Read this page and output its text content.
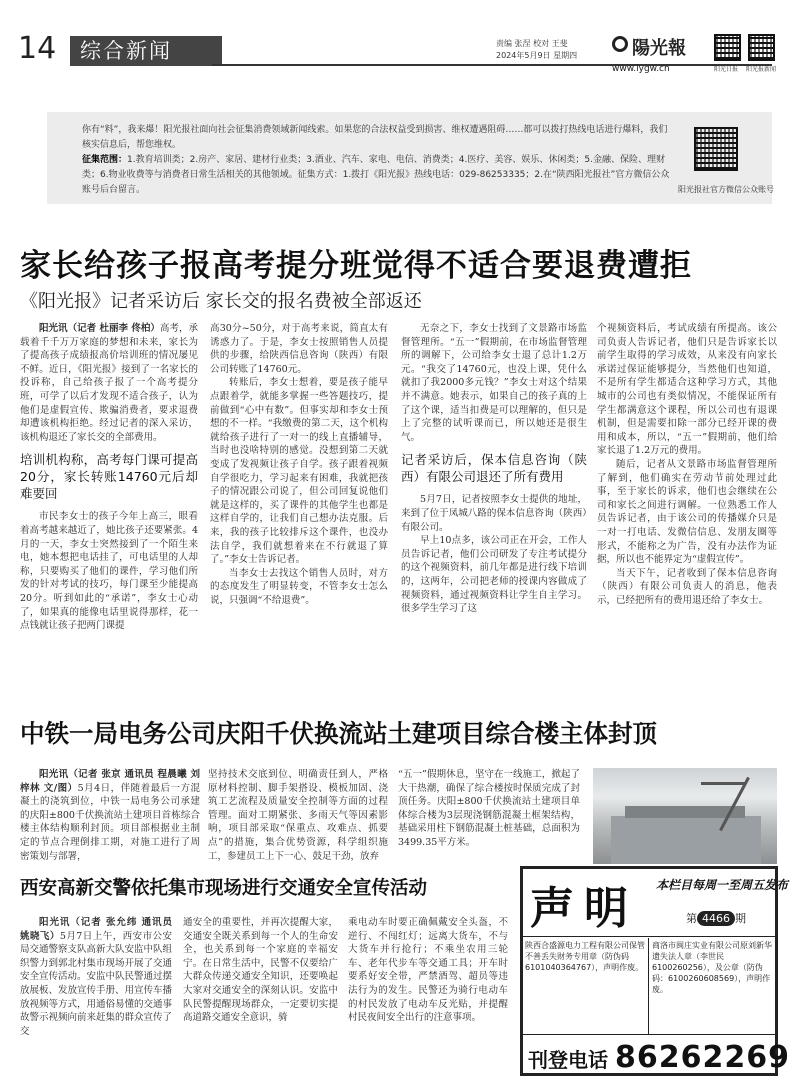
14	综合新闻	责编 张涅 校对 王斐
2024年5月9日 星期四	陽光報
www.iygw.cn	阳光日报 阳光报新闻
你有“料”，我来爆！阳光报社面向社会征集消费领域新闻线索。如果您的合法权益受到损害、维权遭遇阻碍……都可以拨打热线电话进行爆料，我们核实信息后，帮您维权。
征集范围：1.教育培训类；2.房产、家居、建材行业类；3.酒业、汽车、家电、电信、消费类；4.医疗、美容、娱乐、休闲类；5.金融、保险、理财类；6.物业收费等与消费者日常生活相关的其他领域。征集方式：1.拨打《阳光报》热线电话：029-86253335；2.在“陕西阳光报社”官方微信公众账号后台留言。	阳光报社官方微信公众账号
家长给孩子报高考提分班觉得不适合要退费遭拒
《阳光报》记者采访后 家长交的报名费被全部返还

阳光讯（记者 杜丽李 佟柏）高考，承载着千千万万家庭的梦想和未来，家长为了提高孩子成绩报高价培训班的情况屡见不鲜。近日，《阳光报》接到了一名家长的投诉称，自己给孩子报了一个高考提分班，可学了以后才发现不适合孩子，认为他们是虚假宣传、欺骗消费者，要求退费却遭该机构拒绝。经过记者的深入采访，该机构退还了家长交的全部费用。

培训机构称，高考每门课可提高20分，家长转账14760元后却难要回

市民李女士的孩子今年上高三，眼看着高考越来越近了，她比孩子还要紧张。4月的一天，李女士突然接到了一个陌生来电，她本想把电话挂了，可电话里的人却称，只要购买了他们的课件，学习他们所发的针对考试的技巧，每门课至少能提高20分。听到如此的“承诺”，李女士心动了，如果真的能像电话里说得那样，花一点钱就让孩子把两门课提

高30分~50分，对于高考来说，简直太有诱惑力了。于是，李女士按照销售人员提供的步骤，给陕西信息咨询（陕西）有限公司转账了14760元。

转账后，李女士想着，要是孩子能早点跟着学，就能多掌握一些答题技巧，提前做到“心中有数”。但事实却和李女士预想的不一样。“我缴费的第二天，这个机构就给孩子进行了一对一的线上直播辅导，当时也没啥特别的感觉。没想到第二天就变成了发视频让孩子自学。孩子跟着视频自学很吃力，学习起来有困难，我就把孩子的情况跟公司说了，但公司回复说他们就是这样的，买了课件的其他学生也都是这样自学的，让我们自己想办法克服。后来，我的孩子比较排斥这个课件，也没办法自学，我们就想着来在不行就退了算了。”李女士告诉记者。

当李女士去找这个销售人员时，对方的态度发生了明显转变，不管李女士怎么说，只强调“不给退费”。

无奈之下，李女士找到了文景路市场监督管理所。“五一”假期前，在市场监督管理所的调解下，公司给李女士退了总计1.2万元。“我交了14760元，也没上课，凭什么就扣了我2000多元钱？”李女士对这个结果并不满意。她表示，如果自己的孩子真的上了这个课，适当扣费是可以理解的，但只是上了完整的试听课而已，所以她还是很生气。

记者采访后，保本信息咨询（陕西）有限公司退还了所有费用

5月7日，记者按照李女士提供的地址，来到了位于凤城八路的保本信息咨询（陕西）有限公司。

早上10点多，该公司正在开会，工作人员告诉记者，他们公司研发了专注考试提分的这个视频资料，前几年都是进行线下培训的，这两年，公司把老师的授课内容做成了视频资料，通过视频资料让学生自主学习。很多学生学习了这

个视频资料后，考试成绩有所提高。该公司负责人告诉记者，他们只是告诉家长以前学生取得的学习成效，从来没有向家长承诺过保证能够提分，当然他们也知道，不是所有学生都适合这种学习方式，其他城市的公司也有类似情况，不能保证所有学生都满意这个课程，所以公司也有退课机制，但是需要扣除一部分已经开课的费用和成本，所以，“五一”假期前，他们给家长退了1.2万元的费用。

随后，记者从文景路市场监督管理所了解到，他们确实在劳动节前处理过此事，至于家长的诉求，他们也会继续在公司和家长之间进行调解。一位熟悉工作人员告诉记者，由于该公司的传播媒介只是一对一打电话、发微信信息、发朋友圈等形式，不能称之为广告，没有办法作为证据，所以也不能界定为“虚假宣传”。

当天下午，记者收到了保本信息咨询（陕西）有限公司负责人的消息，他表示，已经把所有的费用退还给了李女士。

中铁一局电务公司庆阳千伏换流站土建项目综合楼主体封顶

阳光讯（记者 张京 通讯员 程晨曦 刘梓林 文/图）5月4日，伴随着最后一方混凝土的浇筑到位，中铁一局电务公司承建的庆阳±800千伏换流站土建项目首栋综合楼主体结构顺利封顶。项目部根据业主制定的节点合理倒排工期，对施工进行了周密策划与部署，

坚持技术交底到位、明确责任到人，严格原材料控制、脚手架搭设、模板加固、浇筑工艺流程及质量安全控制等方面的过程管理。面对工期紧张、多雨天气等因素影响，项目部采取“保重点、攻难点、抓要点”的措施，集合优势资源，科学组织施工，参建员工上下一心、鼓足干劲，放弃

“五一”假期休息，坚守在一线施工，掀起了大干热潮，确保了综合楼按时保质完成了封顶任务。庆阳±800千伏换流站土建项目单体综合楼为3层现浇钢筋混凝土框架结构，基础采用柱下钢筋混凝土桩基础，总面积为3499.35平方米。

西安高新交警依托集市现场进行交通安全宣传活动

阳光讯（记者 张允纬 通讯员 姚晓飞）5月7日上午，西安市公安局交通警察支队高新大队安监中队组织警力到郭北村集市现场开展了交通安全宣传活动。安监中队民警通过摆放展板、发放宣传手册、用宣传车播放视频等方式，用通俗易懂的交通事故警示视频向前来赶集的群众宣传了交

通安全的重要性，并再次提醒大家，交通安全既关系到每一个人的生命安全，也关系到每一个家庭的幸福安宁。在日常生活中，民警不仅要给广大群众传递交通安全知识，还要唤起大家对交通安全的深刻认识。安监中队民警提醒现场群众，一定要切实提高道路交通安全意识，骑

乘电动车时要正确佩戴安全头盔，不逆行、不闯红灯；远离大货车，不与大货车并行抢行；不乘坐农用三轮车、老年代步车等交通工具；开车时要系好安全带，严禁酒驾、超员等违法行为的发生。民警还为骑行电动车的村民发放了电动车反光贴，并提醒村民夜间安全出行的注意事项。

声明 本栏目每周一至周五发布
第 4466 期
陕西合盛源电力工程有限公司保管不善丢失财务专用章（防伪码 6101040364767），声明作废。
商洛市闽庄实业有限公司原刘新华遗失法人章（李世民6100260256），及公章（防伪码：6100260608569），声明作废。
刊登电话 86262269
